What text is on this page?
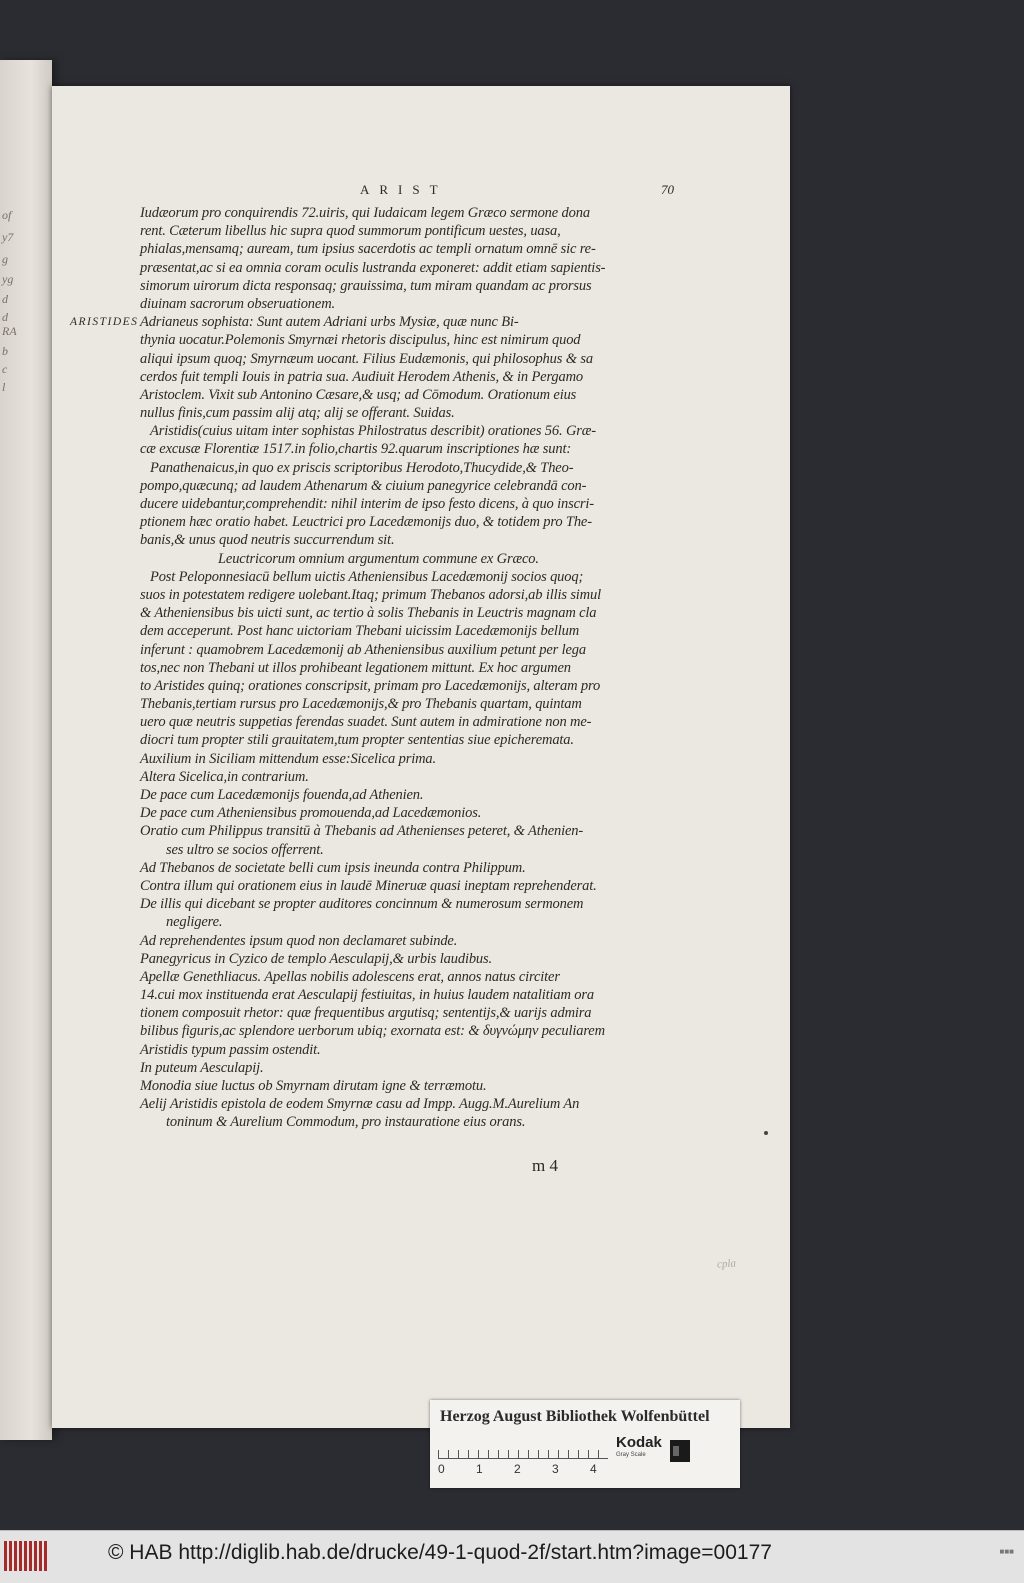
of
y7
g
yg
d
d
RA
b
c
l
ARIST	70
Iudæorum pro conquirendis 72.uiris, qui Iudaicam legem Græco sermone dona
rent. Cæterum libellus hic supra quod summorum pontificum uestes, uasa,
phialas,mensamq; auream, tum ipsius sacerdotis ac templi ornatum omnē sic re-
præsentat,ac si ea omnia coram oculis lustranda exponeret: addit etiam sapientis-
simorum uirorum dicta responsaq; grauissima, tum miram quandam ac prorsus
diuinam sacrorum obseruationem.
ARISTIDES Adrianeus sophista: Sunt autem Adriani urbs Mysiæ, quæ nunc Bi-
thynia uocatur.Polemonis Smyrnæi rhetoris discipulus, hinc est nimirum quod
aliqui ipsum quoq; Smyrnæum uocant. Filius Eudæmonis, qui philosophus & sa
cerdos fuit templi Iouis in patria sua. Audiuit Herodem Athenis, & in Pergamo
Aristoclem. Vixit sub Antonino Cæsare,& usq; ad Cōmodum. Orationum eius
nullus finis,cum passim alij atq; alij se offerant. Suidas.
Aristidis(cuius uitam inter sophistas Philostratus describit) orationes 56. Græ-
cæ excusæ Florentiæ 1517.in folio,chartis 92.quarum inscriptiones hæ sunt:
Panathenaicus,in quo ex priscis scriptoribus Herodoto,Thucydide,& Theo-
pompo,quæcunq; ad laudem Athenarum & ciuium panegyrice celebrandā con-
ducere uidebantur,comprehendit: nihil interim de ipso festo dicens, à quo inscri-
ptionem hæc oratio habet. Leuctrici pro Lacedæmonijs duo, & totidem pro The-
banis,& unus quod neutris succurrendum sit.
Leuctricorum omnium argumentum commune ex Græco.
Post Peloponnesiacū bellum uictis Atheniensibus Lacedæmonij socios quoq;
suos in potestatem redigere uolebant.Itaq; primum Thebanos adorsi,ab illis simul
& Atheniensibus bis uicti sunt, ac tertio à solis Thebanis in Leuctris magnam cla
dem acceperunt. Post hanc uictoriam Thebani uicissim Lacedæmonijs bellum
inferunt : quamobrem Lacedæmonij ab Atheniensibus auxilium petunt per lega
tos,nec non Thebani ut illos prohibeant legationem mittunt. Ex hoc argumen
to Aristides quinq; orationes conscripsit, primam pro Lacedæmonijs, alteram pro
Thebanis,tertiam rursus pro Lacedæmonijs,& pro Thebanis quartam, quintam
uero quæ neutris suppetias ferendas suadet. Sunt autem in admiratione non me-
diocri tum propter stili grauitatem,tum propter sententias siue epicheremata.
Auxilium in Siciliam mittendum esse:Sicelica prima.
Altera Sicelica,in contrarium.
De pace cum Lacedæmonijs fouenda,ad Athenien.
De pace cum Atheniensibus promouenda,ad Lacedæmonios.
Oratio cum Philippus transitū à Thebanis ad Athenienses peteret, & Athenien-
ses ultro se socios offerrent.
Ad Thebanos de societate belli cum ipsis ineunda contra Philippum.
Contra illum qui orationem eius in laudē Mineruæ quasi ineptam reprehenderat.
De illis qui dicebant se propter auditores concinnum & numerosum sermonem
negligere.
Ad reprehendentes ipsum quod non declamaret subinde.
Panegyricus in Cyzico de templo Aesculapij,& urbis laudibus.
Apellæ Genethliacus. Apellas nobilis adolescens erat, annos natus circiter
14.cui mox instituenda erat Aesculapij festiuitas, in huius laudem natalitiam ora
tionem composuit rhetor: quæ frequentibus argutisq; sententijs,& uarijs admira
bilibus figuris,ac splendore uerborum ubiq; exornata est: & δυγνώμην peculiarem
Aristidis typum passim ostendit.
In puteum Aesculapij.
Monodia siue luctus ob Smyrnam dirutam igne & terræmotu.
Aelij Aristidis epistola de eodem Smyrnæ casu ad Impp. Augg.M.Aurelium An
toninum & Aurelium Commodum, pro instauratione eius orans.
m 4
cpla
Herzog August Bibliothek Wolfenbüttel
0	1	2	3	4
Kodak
Gray Scale
© HAB http://diglib.hab.de/drucke/49-1-quod-2f/start.htm?image=00177	■■■
